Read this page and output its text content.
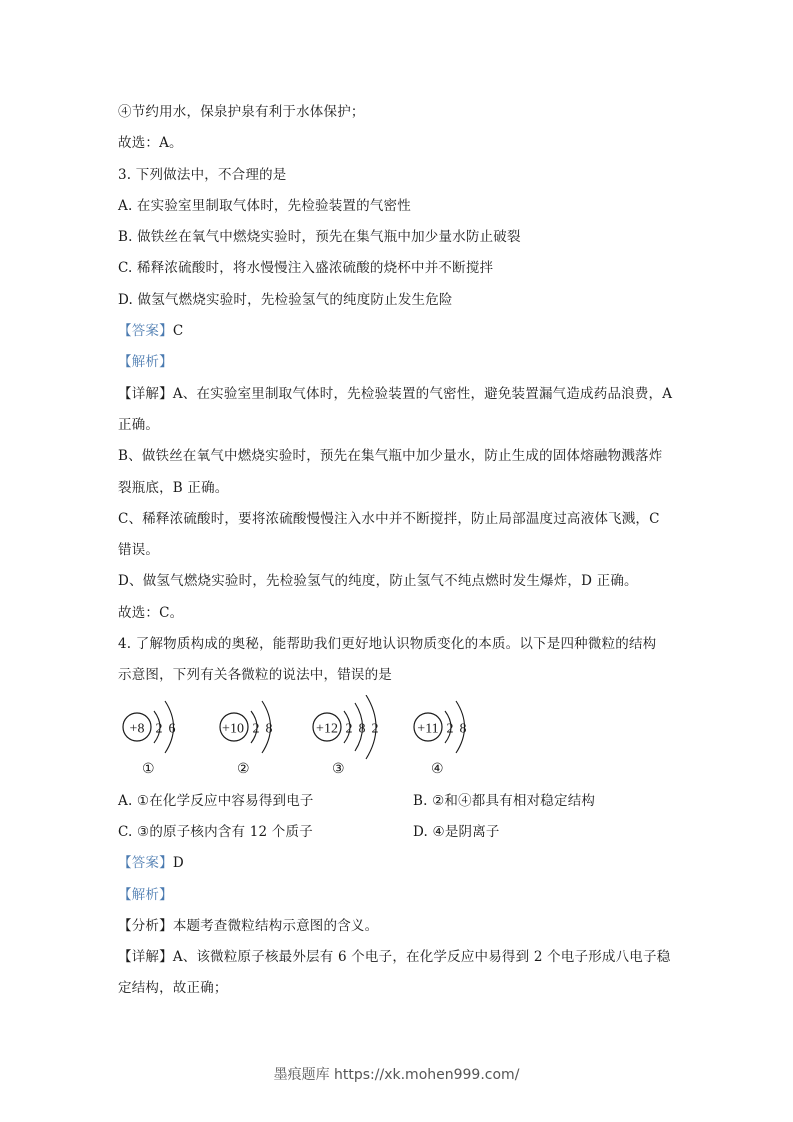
④节约用水，保泉护泉有利于水体保护；
故选：A。
3. 下列做法中，不合理的是
A. 在实验室里制取气体时，先检验装置的气密性
B. 做铁丝在氧气中燃烧实验时，预先在集气瓶中加少量水防止破裂
C. 稀释浓硫酸时，将水慢慢注入盛浓硫酸的烧杯中并不断搅拌
D. 做氢气燃烧实验时，先检验氢气的纯度防止发生危险
【答案】C
【解析】
【详解】A、在实验室里制取气体时，先检验装置的气密性，避免装置漏气造成药品浪费，A
正确。
B、做铁丝在氧气中燃烧实验时，预先在集气瓶中加少量水，防止生成的固体熔融物溅落炸
裂瓶底，B 正确。
C、稀释浓硫酸时，要将浓硫酸慢慢注入水中并不断搅拌，防止局部温度过高液体飞溅，C
错误。
D、做氢气燃烧实验时，先检验氢气的纯度，防止氢气不纯点燃时发生爆炸，D 正确。
故选：C。
4. 了解物质构成的奥秘，能帮助我们更好地认识物质变化的本质。以下是四种微粒的结构
示意图，下列有关各微粒的说法中，错误的是
+8 2 6
①
+10 2 8
②
+12 2 8 2
③
+11 2 8
④
A. ①在化学反应中容易得到电子	B. ②和④都具有相对稳定结构
C. ③的原子核内含有 12 个质子	D. ④是阴离子
【答案】D
【解析】
【分析】本题考查微粒结构示意图的含义。
【详解】A、该微粒原子核最外层有 6 个电子，在化学反应中易得到 2 个电子形成八电子稳
定结构，故正确；
墨痕题库 https://xk.mohen999.com/
